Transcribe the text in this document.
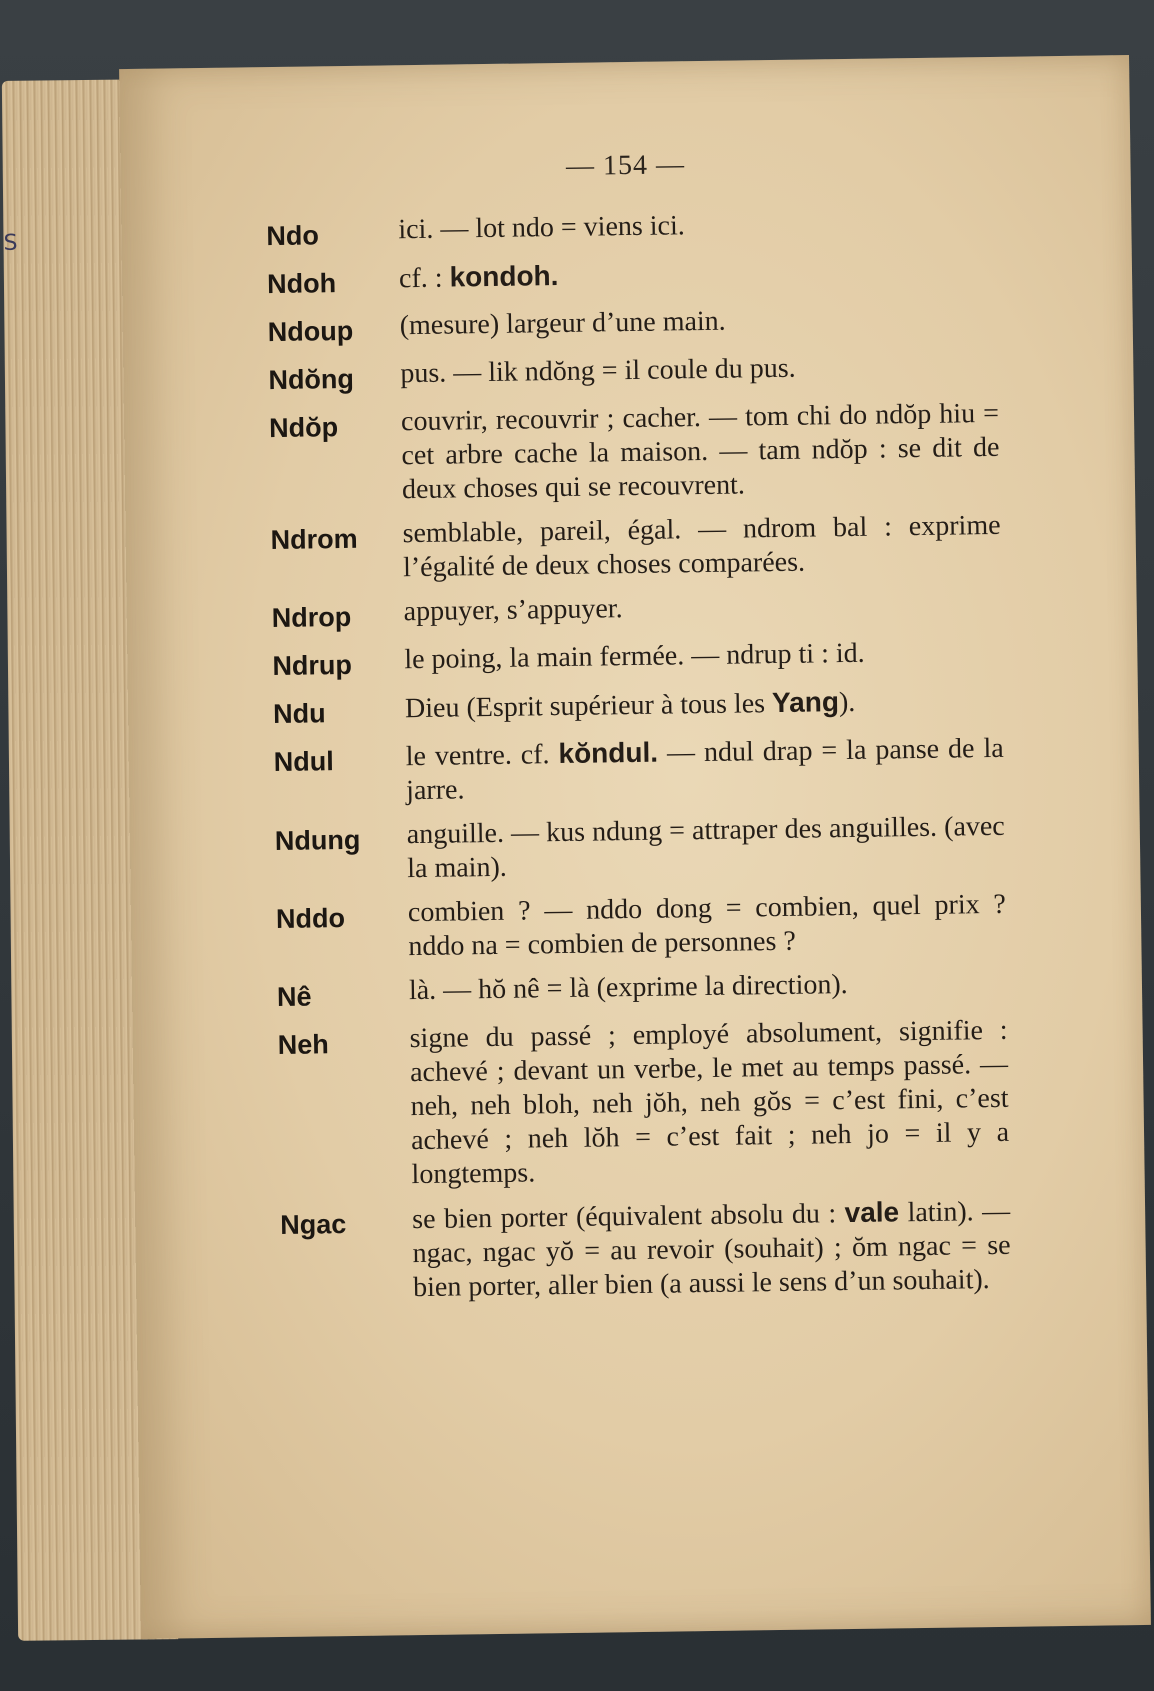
S
— 154 —
Ndo	ici. — lot ndo = viens ici.
Ndoh	cf. : kondoh.
Ndoup	(mesure) largeur d’une main.
Ndŏng	pus. — lik ndŏng = il coule du pus.
Ndŏp	couvrir, recouvrir ; cacher. — tom chi do ndŏp hiu = cet arbre cache la maison. — tam ndŏp : se dit de deux choses qui se recouvrent.
Ndrom	semblable, pareil, égal. — ndrom bal : exprime l’égalité de deux choses comparées.
Ndrop	appuyer, s’appuyer.
Ndrup	le poing, la main fermée. — ndrup ti : id.
Ndu	Dieu (Esprit supérieur à tous les Yang).
Ndul	le ventre. cf. kŏndul. — ndul drap = la panse de la jarre.
Ndung	anguille. — kus ndung = attraper des anguilles. (avec la main).
Nddo	combien ? — nddo dong = combien, quel prix ? nddo na = combien de personnes ?
Nê	là. — hŏ nê = là (exprime la direction).
Neh	signe du passé ; employé absolument, signifie : achevé ; devant un verbe, le met au temps passé. — neh, neh bloh, neh jŏh, neh gŏs = c’est fini, c’est achevé ; neh lŏh = c’est fait ; neh jo = il y a longtemps.
Ngac	se bien porter (équivalent absolu du : vale latin). — ngac, ngac yŏ = au revoir (souhait) ; ŏm ngac = se bien porter, aller bien (a aussi le sens d’un souhait).
